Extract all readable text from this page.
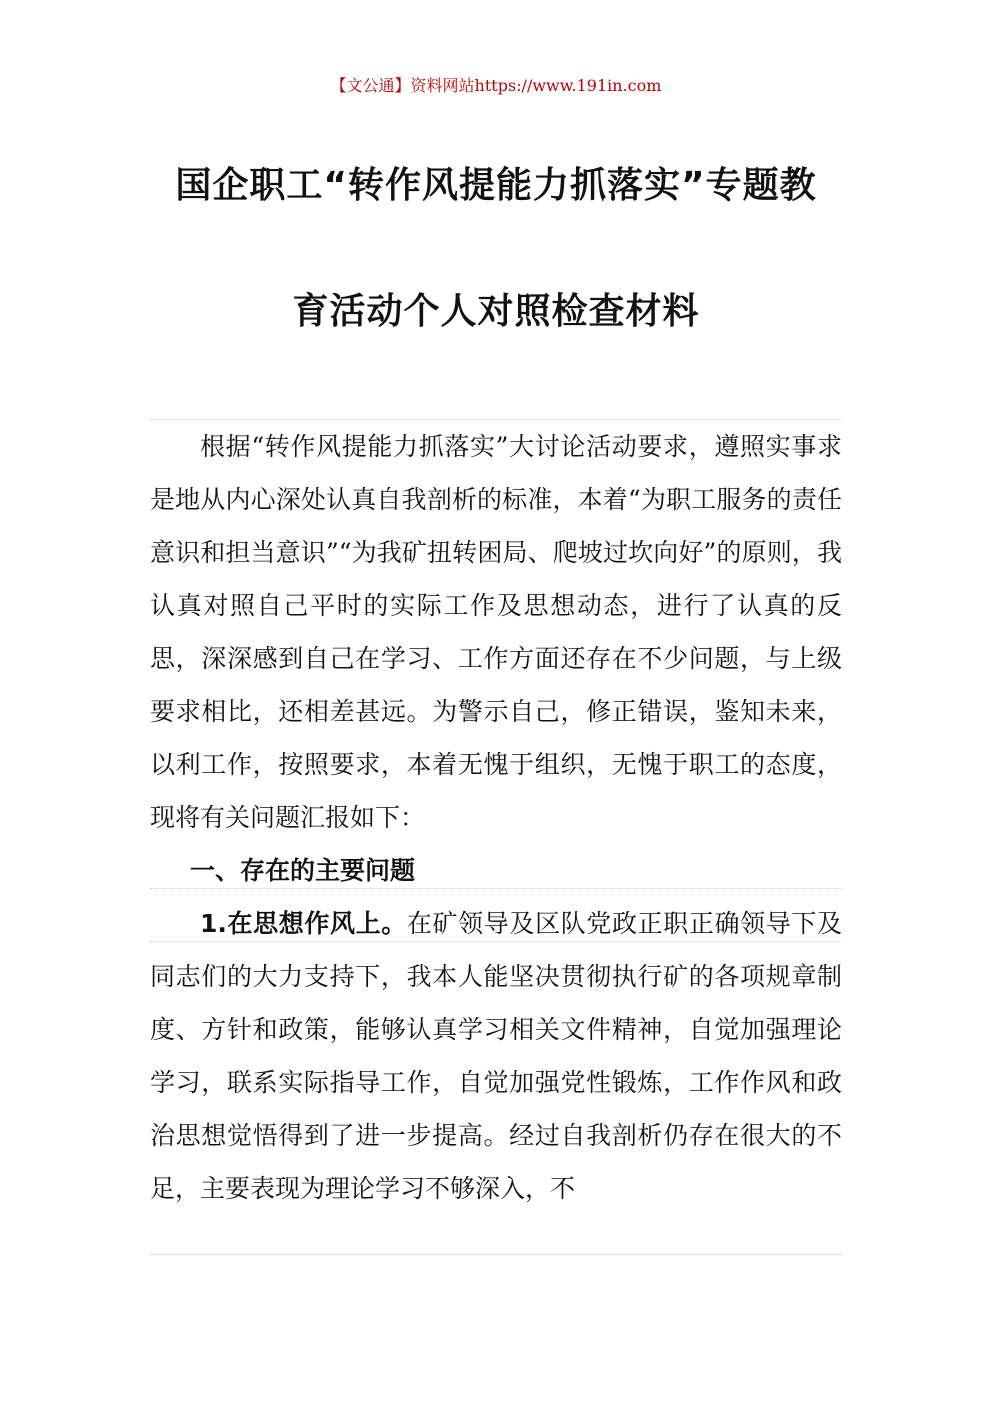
【文公通】资料网站https://www.191in.com
国企职工“转作风提能力抓落实”专题教
育活动个人对照检查材料

根据“转作风提能力抓落实”大讨论活动要求，遵照实事求是地从内心深处认真自我剖析的标准，本着“为职工服务的责任意识和担当意识”“为我矿扭转困局、爬坡过坎向好”的原则，我认真对照自己平时的实际工作及思想动态，进行了认真的反思，深深感到自己在学习、工作方面还存在不少问题，与上级要求相比，还相差甚远。为警示自己，修正错误，鉴知未来，以利工作，按照要求，本着无愧于组织，无愧于职工的态度，现将有关问题汇报如下：

一、存在的主要问题

1.在思想作风上。在矿领导及区队党政正职正确领导下及同志们的大力支持下，我本人能坚决贯彻执行矿的各项规章制度、方针和政策，能够认真学习相关文件精神，自觉加强理论学习，联系实际指导工作，自觉加强党性锻炼，工作作风和政治思想觉悟得到了进一步提高。经过自我剖析仍存在很大的不足，主要表现为理论学习不够深入，不
